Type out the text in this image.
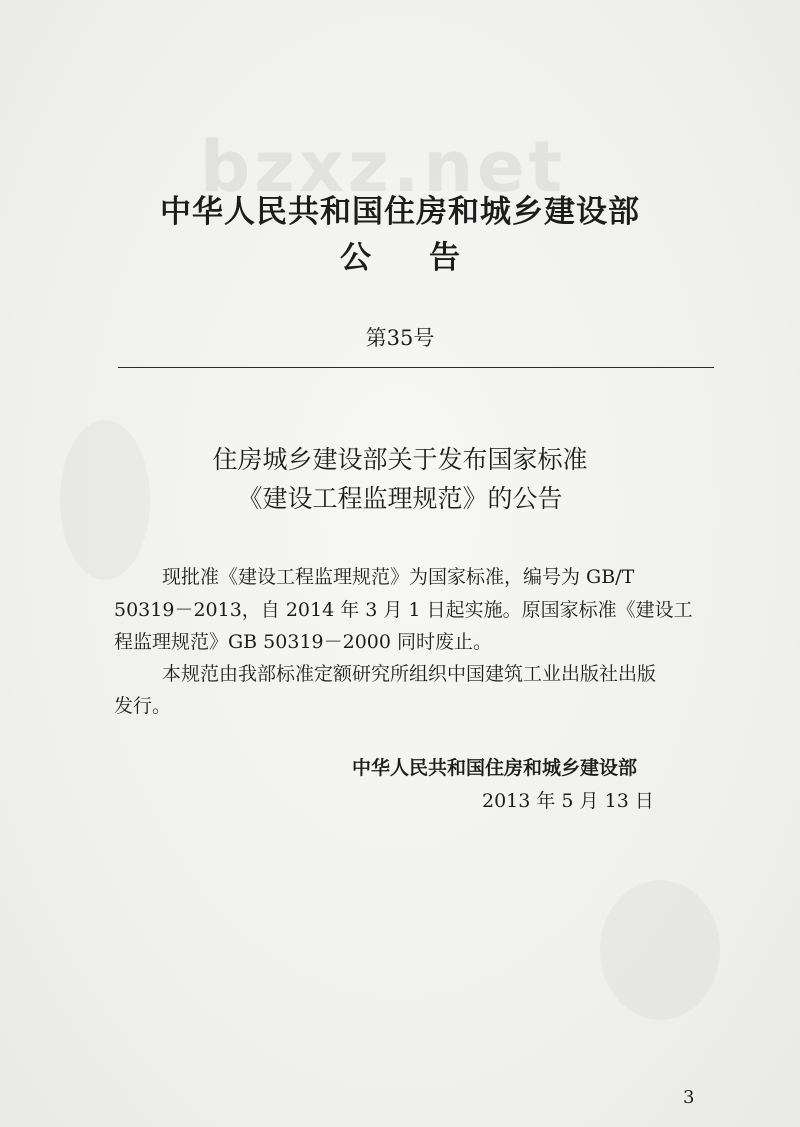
bzxz.net
中华人民共和国住房和城乡建设部
公告
第35号
住房城乡建设部关于发布国家标准
《建设工程监理规范》的公告
现批准《建设工程监理规范》为国家标准，编号为 GB/T
50319－2013，自 2014 年 3 月 1 日起实施。原国家标准《建设工
程监理规范》GB 50319－2000 同时废止。
本规范由我部标准定额研究所组织中国建筑工业出版社出版
发行。
中华人民共和国住房和城乡建设部
2013 年 5 月 13 日
3
